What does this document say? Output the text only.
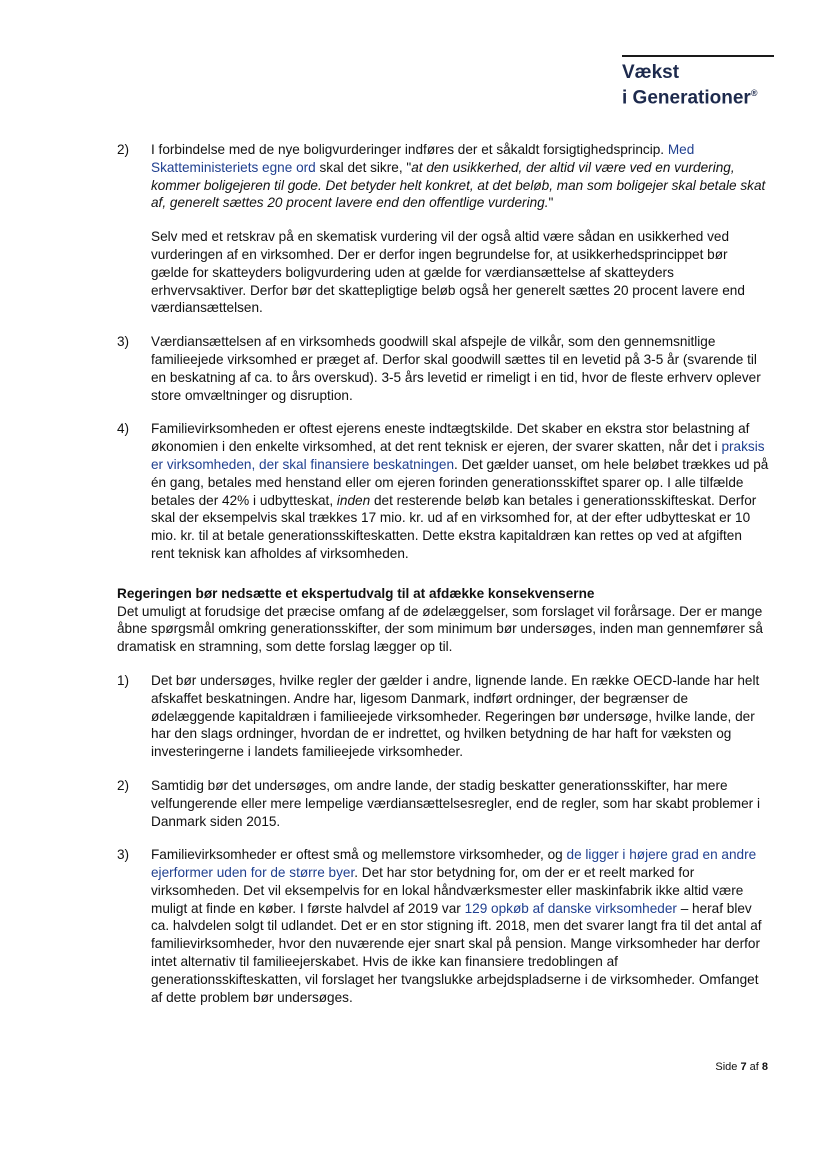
Vækst
i Generationer®
2)	I forbindelse med de nye boligvurderinger indføres der et såkaldt forsigtighedsprincip. Med Skatteministeriets egne ord skal det sikre, "at den usikkerhed, der altid vil være ved en vurdering, kommer boligejeren til gode. Det betyder helt konkret, at det beløb, man som boligejer skal betale skat af, generelt sættes 20 procent lavere end den offentlige vurdering."

Selv med et retskrav på en skematisk vurdering vil der også altid være sådan en usikkerhed ved vurderingen af en virksomhed. Der er derfor ingen begrundelse for, at usikkerhedsprincippet bør gælde for skatteyders boligvurdering uden at gælde for værdiansættelse af skatteyders erhvervsaktiver. Derfor bør det skattepligtige beløb også her generelt sættes 20 procent lavere end værdiansættelsen.

3)	Værdiansættelsen af en virksomheds goodwill skal afspejle de vilkår, som den gennemsnitlige familieejede virksomhed er præget af. Derfor skal goodwill sættes til en levetid på 3-5 år (svarende til en beskatning af ca. to års overskud). 3-5 års levetid er rimeligt i en tid, hvor de fleste erhverv oplever store omvæltninger og disruption.

4)	Familievirksomheden er oftest ejerens eneste indtægtskilde. Det skaber en ekstra stor belastning af økonomien i den enkelte virksomhed, at det rent teknisk er ejeren, der svarer skatten, når det i praksis er virksomheden, der skal finansiere beskatningen. Det gælder uanset, om hele beløbet trækkes ud på én gang, betales med henstand eller om ejeren forinden generationsskiftet sparer op. I alle tilfælde betales der 42% i udbytteskat, inden det resterende beløb kan betales i generationsskifteskat. Derfor skal der eksempelvis skal trækkes 17 mio. kr. ud af en virksomhed for, at der efter udbytteskat er 10 mio. kr. til at betale generationsskifteskatten. Dette ekstra kapitaldræn kan rettes op ved at afgiften rent teknisk kan afholdes af virksomheden.

Regeringen bør nedsætte et ekspertudvalg til at afdække konsekvenserne

Det umuligt at forudsige det præcise omfang af de ødelæggelser, som forslaget vil forårsage. Der er mange åbne spørgsmål omkring generationsskifter, der som minimum bør undersøges, inden man gennemfører så dramatisk en stramning, som dette forslag lægger op til.

1)	Det bør undersøges, hvilke regler der gælder i andre, lignende lande. En række OECD-lande har helt afskaffet beskatningen. Andre har, ligesom Danmark, indført ordninger, der begrænser de ødelæggende kapitaldræn i familieejede virksomheder. Regeringen bør undersøge, hvilke lande, der har den slags ordninger, hvordan de er indrettet, og hvilken betydning de har haft for væksten og investeringerne i landets familieejede virksomheder.

2)	Samtidig bør det undersøges, om andre lande, der stadig beskatter generationsskifter, har mere velfungerende eller mere lempelige værdiansættelsesregler, end de regler, som har skabt problemer i Danmark siden 2015.

3)	Familievirksomheder er oftest små og mellemstore virksomheder, og de ligger i højere grad en andre ejerformer uden for de større byer. Det har stor betydning for, om der er et reelt marked for virksomheden. Det vil eksempelvis for en lokal håndværksmester eller maskinfabrik ikke altid være muligt at finde en køber. I første halvdel af 2019 var 129 opkøb af danske virksomheder – heraf blev ca. halvdelen solgt til udlandet. Det er en stor stigning ift. 2018, men det svarer langt fra til det antal af familievirksomheder, hvor den nuværende ejer snart skal på pension. Mange virksomheder har derfor intet alternativ til familieejerskabet. Hvis de ikke kan finansiere tredoblingen af generationsskifteskatten, vil forslaget her tvangslukke arbejdspladserne i de virksomheder. Omfanget af dette problem bør undersøges.

Side 7 af 8
